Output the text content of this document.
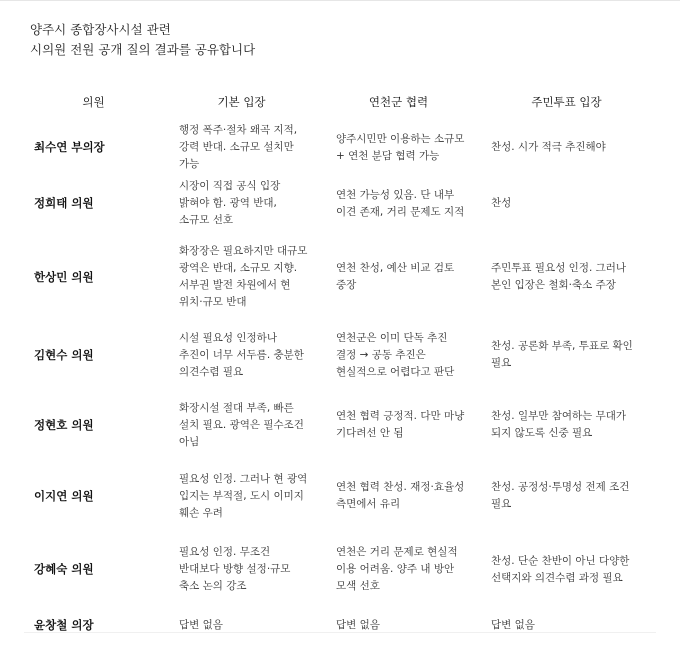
양주시 종합장사시설 관련
시의원 전원 공개 질의 결과를 공유합니다
의원	기본 입장	연천군 협력	주민투표 입장
최수연 부의장	행정 폭주·절차 왜곡 지적, 강력 반대. 소규모 설치만 가능	양주시민만 이용하는 소규모 + 연천 분담 협력 가능	찬성. 시가 적극 추진해야
정희태 의원	시장이 직접 공식 입장 밝혀야 함. 광역 반대, 소규모 선호	연천 가능성 있음. 단 내부 이견 존재, 거리 문제도 지적	찬성
한상민 의원	화장장은 필요하지만 대규모 광역은 반대, 소규모 지향. 서부권 발전 차원에서 현 위치·규모 반대	연천 찬성, 예산 비교 검토 중장	주민투표 필요성 인정. 그러나 본인 입장은 철회·축소 주장
김현수 의원	시설 필요성 인정하나 추진이 너무 서두름. 충분한 의견수렴 필요	연천군은 이미 단독 추진 결정 → 공동 추진은 현실적으로 어렵다고 판단	찬성. 공론화 부족, 투표로 확인 필요
정현호 의원	화장시설 절대 부족, 빠른 설치 필요. 광역은 필수조건 아님	연천 협력 긍정적. 다만 마냥 기다려선 안 됨	찬성. 일부만 참여하는 무대가 되지 않도록 신중 필요
이지연 의원	필요성 인정. 그러나 현 광역 입지는 부적절, 도시 이미지 훼손 우려	연천 협력 찬성. 재정·효율성 측면에서 유리	찬성. 공정성·투명성 전제 조건 필요
강혜숙 의원	필요성 인정. 무조건 반대보다 방향 설정·규모 축소 논의 강조	연천은 거리 문제로 현실적 이용 어려움. 양주 내 방안 모색 선호	찬성. 단순 찬반이 아닌 다양한 선택지와 의견수렴 과정 필요
윤창철 의장	답변 없음	답변 없음	답변 없음
